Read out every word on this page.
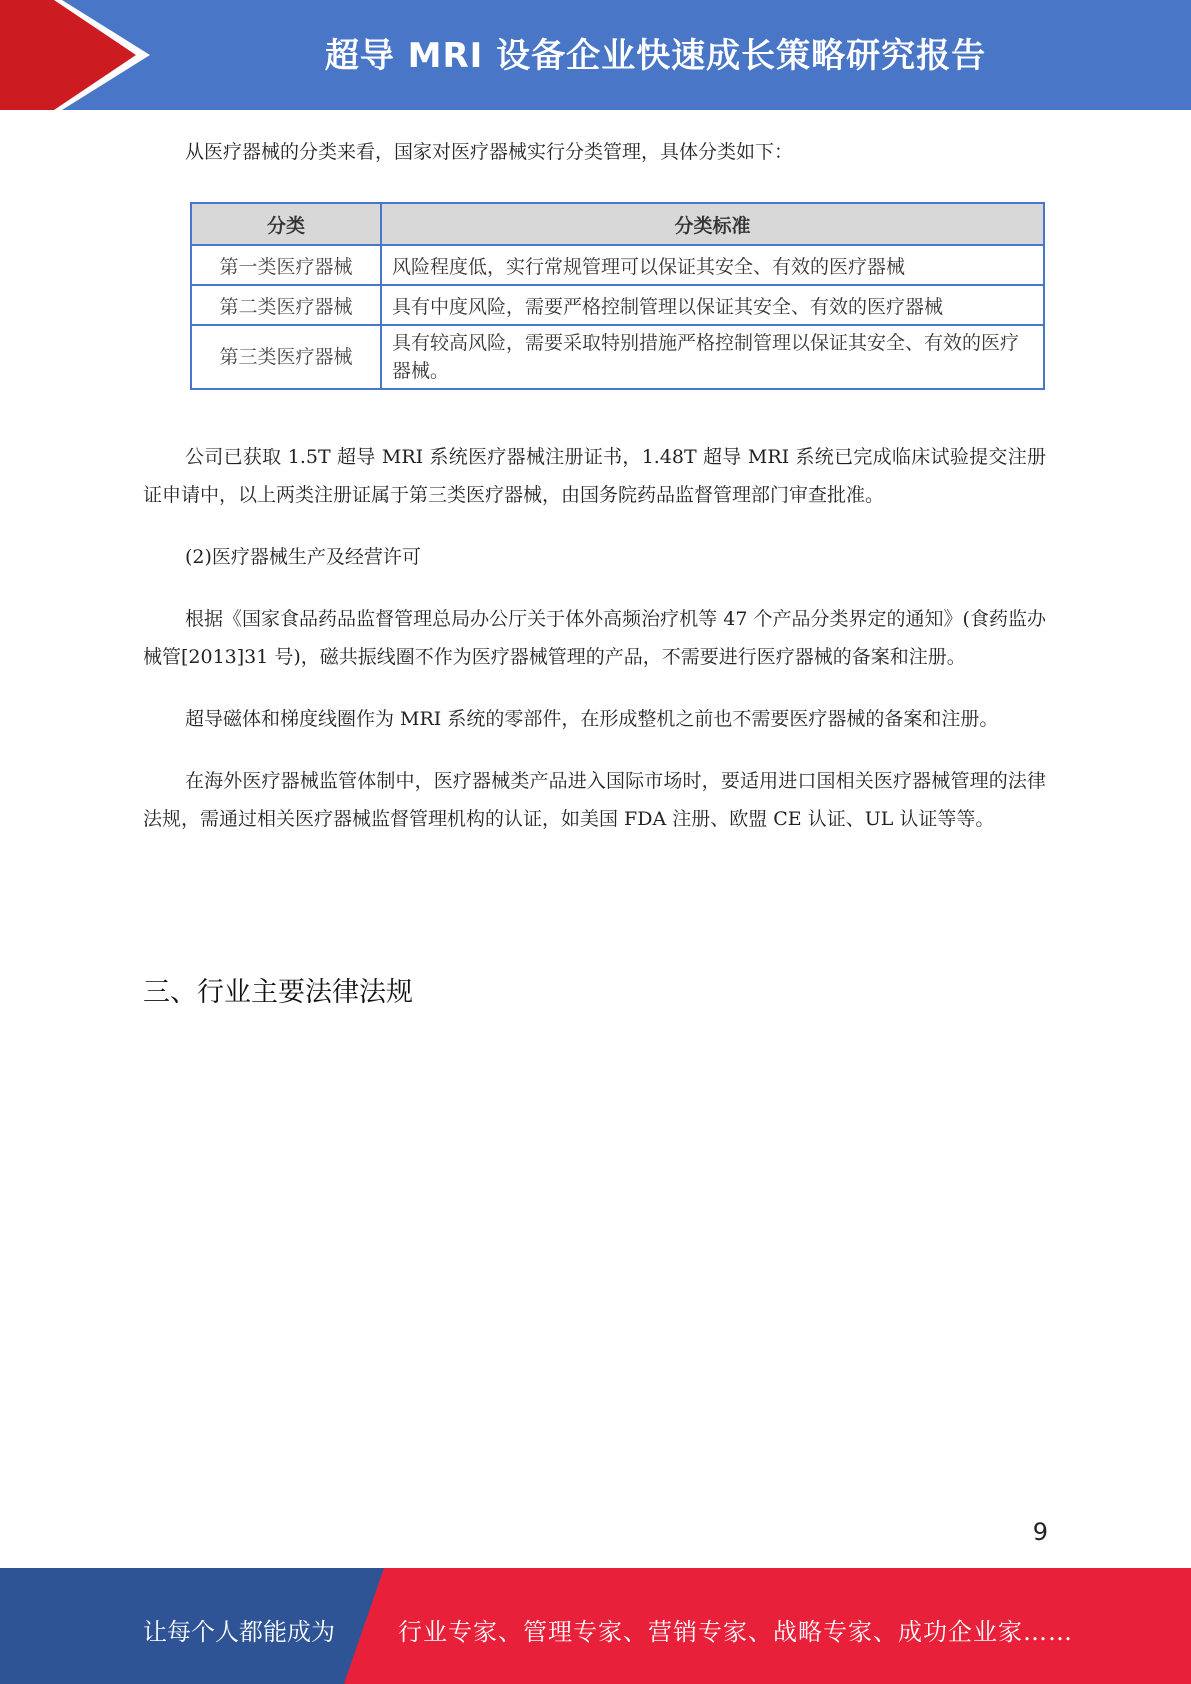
超导 MRI 设备企业快速成长策略研究报告

从医疗器械的分类来看，国家对医疗器械实行分类管理，具体分类如下：

分类	分类标准
第一类医疗器械	风险程度低，实行常规管理可以保证其安全、有效的医疗器械
第二类医疗器械	具有中度风险，需要严格控制管理以保证其安全、有效的医疗器械
第三类医疗器械	具有较高风险，需要采取特别措施严格控制管理以保证其安全、有效的医疗器械。

公司已获取 1.5T 超导 MRI 系统医疗器械注册证书，1.48T 超导 MRI 系统已完成临床试验提交注册证申请中，以上两类注册证属于第三类医疗器械，由国务院药品监督管理部门审查批准。

(2)医疗器械生产及经营许可

根据《国家食品药品监督管理总局办公厅关于体外高频治疗机等 47 个产品分类界定的通知》(食药监办械管[2013]31 号)，磁共振线圈不作为医疗器械管理的产品，不需要进行医疗器械的备案和注册。

超导磁体和梯度线圈作为 MRI 系统的零部件，在形成整机之前也不需要医疗器械的备案和注册。

在海外医疗器械监管体制中，医疗器械类产品进入国际市场时，要适用进口国相关医疗器械管理的法律法规，需通过相关医疗器械监督管理机构的认证，如美国 FDA 注册、欧盟 CE 认证、UL 认证等等。

三、行业主要法律法规
9
让每个人都能成为	行业专家、管理专家、营销专家、战略专家、成功企业家……
